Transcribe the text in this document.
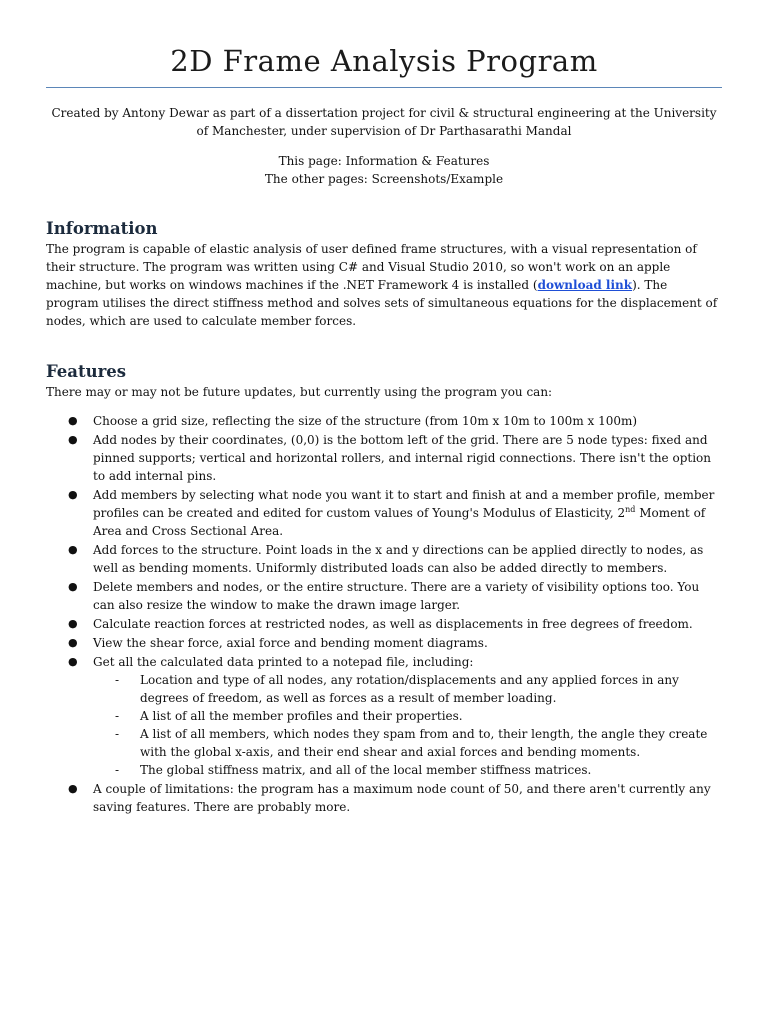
2D Frame Analysis Program
Created by Antony Dewar as part of a dissertation project for civil & structural engineering at the University of Manchester, under supervision of Dr Parthasarathi Mandal
This page: Information & Features
The other pages: Screenshots/Example
Information
The program is capable of elastic analysis of user defined frame structures, with a visual representation of their structure. The program was written using C# and Visual Studio 2010, so won't work on an apple machine, but works on windows machines if the .NET Framework 4 is installed (download link). The program utilises the direct stiffness method and solves sets of simultaneous equations for the displacement of nodes, which are used to calculate member forces.
Features
There may or may not be future updates, but currently using the program you can:
● Choose a grid size, reflecting the size of the structure (from 10m x 10m to 100m x 100m)
● Add nodes by their coordinates, (0,0) is the bottom left of the grid. There are 5 node types: fixed and pinned supports; vertical and horizontal rollers, and internal rigid connections. There isn't the option to add internal pins.
● Add members by selecting what node you want it to start and finish at and a member profile, member profiles can be created and edited for custom values of Young's Modulus of Elasticity, 2nd Moment of Area and Cross Sectional Area.
● Add forces to the structure. Point loads in the x and y directions can be applied directly to nodes, as well as bending moments. Uniformly distributed loads can also be added directly to members.
● Delete members and nodes, or the entire structure. There are a variety of visibility options too. You can also resize the window to make the drawn image larger.
● Calculate reaction forces at restricted nodes, as well as displacements in free degrees of freedom.
● View the shear force, axial force and bending moment diagrams.
● Get all the calculated data printed to a notepad file, including:
- Location and type of all nodes, any rotation/displacements and any applied forces in any degrees of freedom, as well as forces as a result of member loading.
- A list of all the member profiles and their properties.
- A list of all members, which nodes they spam from and to, their length, the angle they create with the global x-axis, and their end shear and axial forces and bending moments.
- The global stiffness matrix, and all of the local member stiffness matrices.
● A couple of limitations: the program has a maximum node count of 50, and there aren't currently any saving features. There are probably more.
